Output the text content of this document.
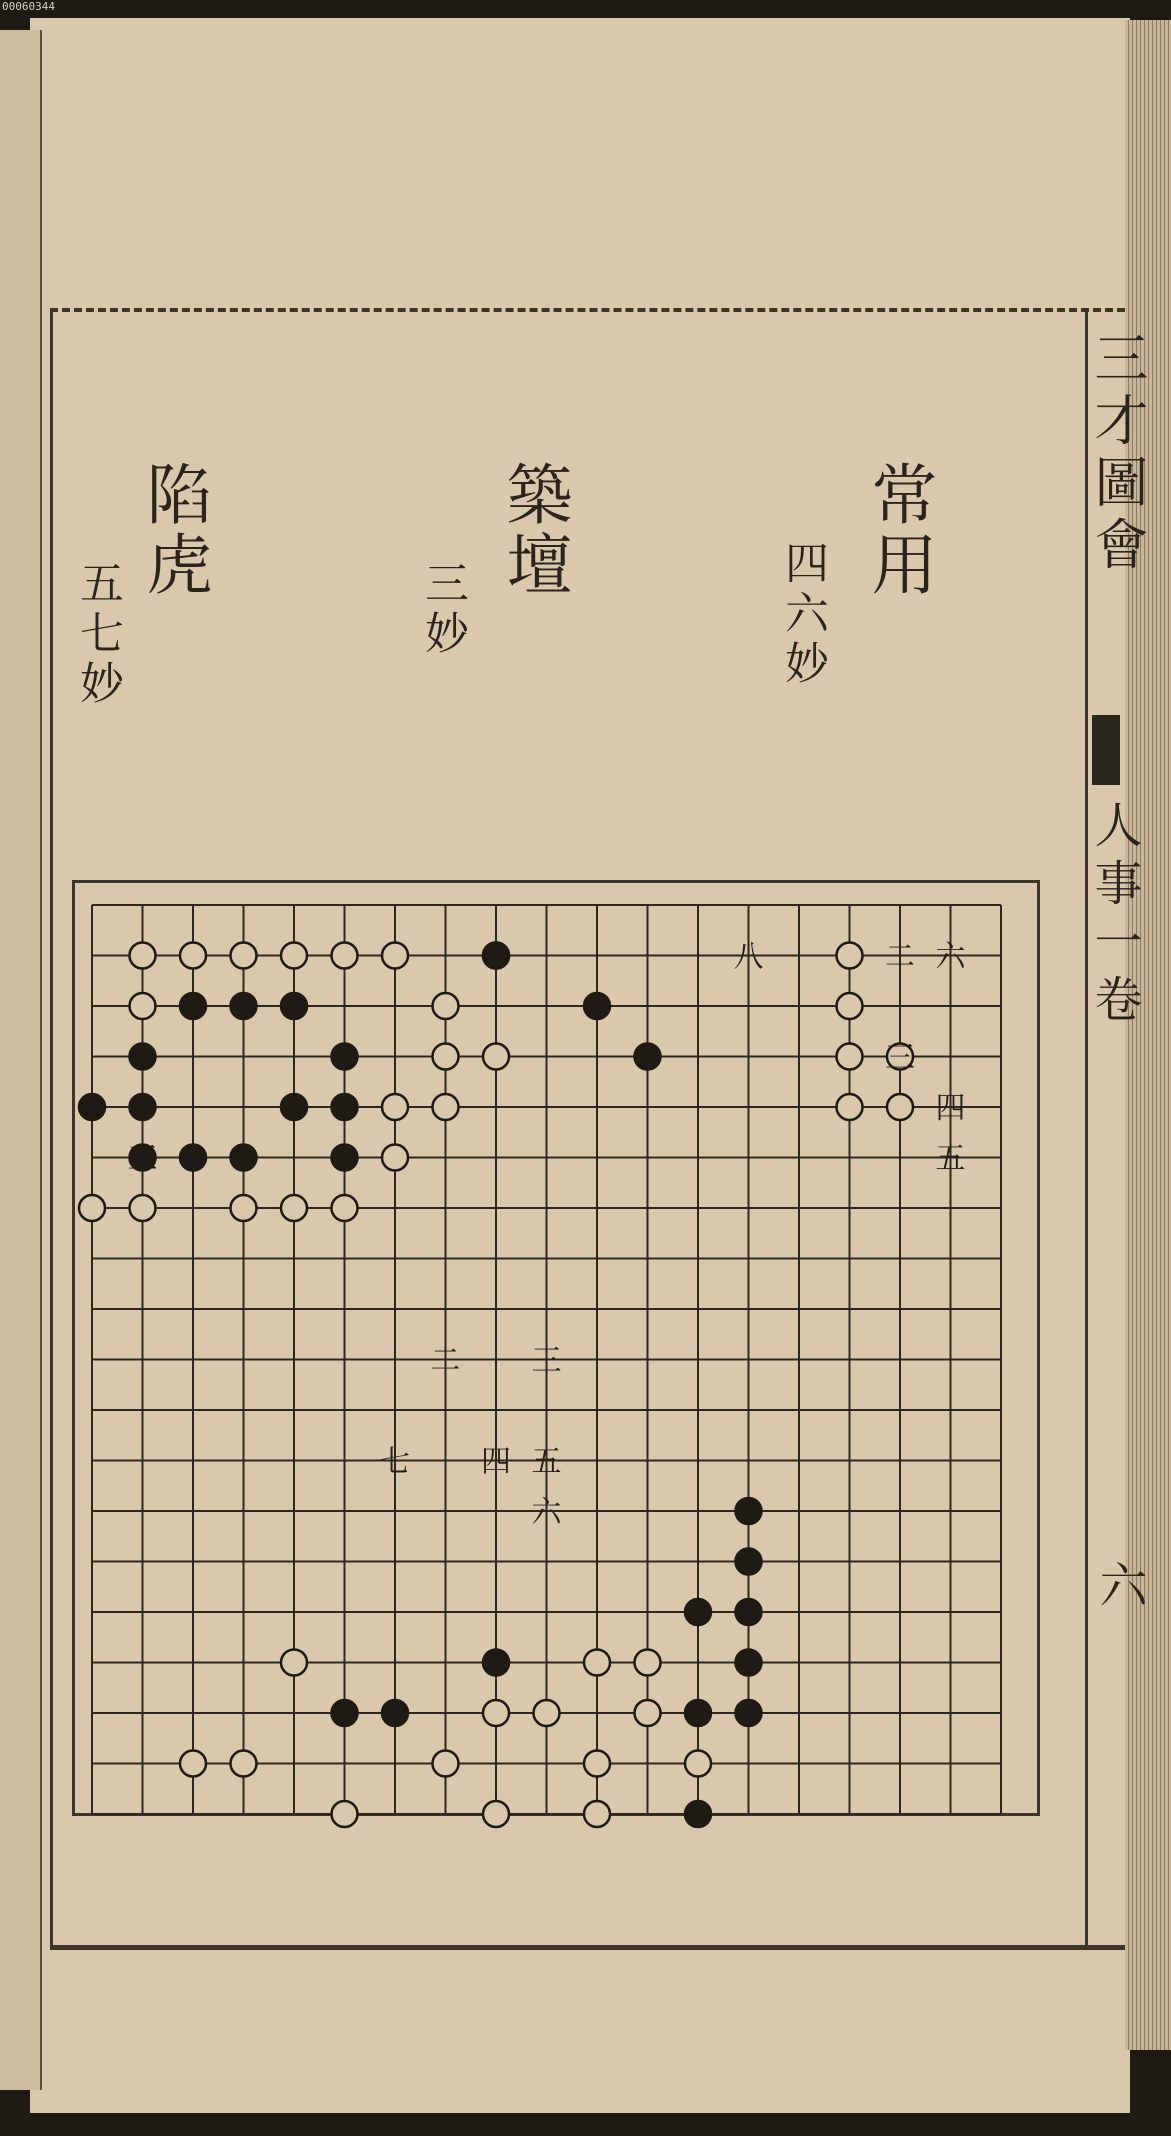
00060344
三才圖會
人事一卷
六
常用
四六妙
築壇
三妙
陷虎
五七妙
六
二
三
四
五
八
三
二
四 五
六
七
三
